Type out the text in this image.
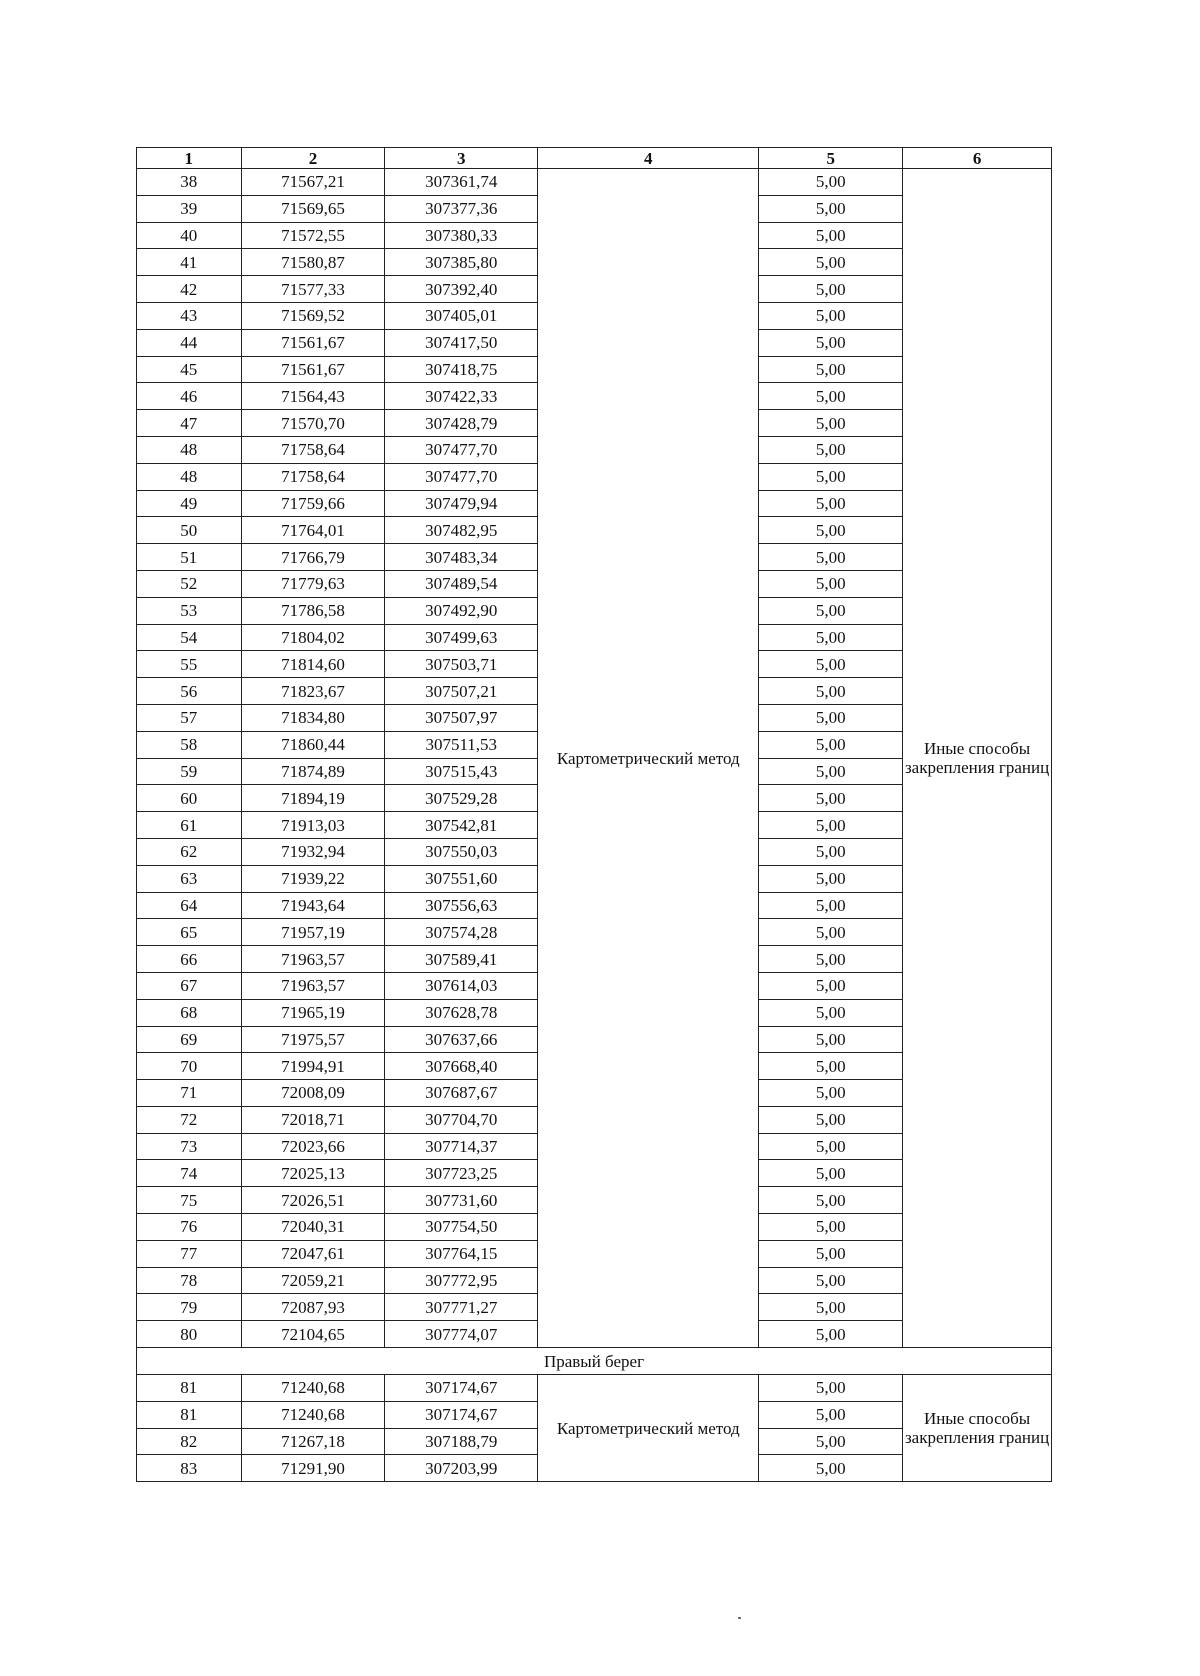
1	2	3	4	5	6
38	71567,21	307361,74	Картометрический метод	5,00	Иные способы закрепления границ
39	71569,65	307377,36		5,00	
40	71572,55	307380,33		5,00	
41	71580,87	307385,80		5,00	
42	71577,33	307392,40		5,00	
43	71569,52	307405,01		5,00	
44	71561,67	307417,50		5,00	
45	71561,67	307418,75		5,00	
46	71564,43	307422,33		5,00	
47	71570,70	307428,79		5,00	
48	71758,64	307477,70		5,00	
48	71758,64	307477,70		5,00	
49	71759,66	307479,94		5,00	
50	71764,01	307482,95		5,00	
51	71766,79	307483,34		5,00	
52	71779,63	307489,54		5,00	
53	71786,58	307492,90		5,00	
54	71804,02	307499,63		5,00	
55	71814,60	307503,71		5,00	
56	71823,67	307507,21		5,00	
57	71834,80	307507,97		5,00	
58	71860,44	307511,53		5,00	
59	71874,89	307515,43		5,00	
60	71894,19	307529,28		5,00	
61	71913,03	307542,81		5,00	
62	71932,94	307550,03		5,00	
63	71939,22	307551,60		5,00	
64	71943,64	307556,63		5,00	
65	71957,19	307574,28		5,00	
66	71963,57	307589,41		5,00	
67	71963,57	307614,03		5,00	
68	71965,19	307628,78		5,00	
69	71975,57	307637,66		5,00	
70	71994,91	307668,40		5,00	
71	72008,09	307687,67		5,00	
72	72018,71	307704,70		5,00	
73	72023,66	307714,37		5,00	
74	72025,13	307723,25		5,00	
75	72026,51	307731,60		5,00	
76	72040,31	307754,50		5,00	
77	72047,61	307764,15		5,00	
78	72059,21	307772,95		5,00	
79	72087,93	307771,27		5,00	
80	72104,65	307774,07		5,00	
Правый берег					
81	71240,68	307174,67	Картометрический метод	5,00	Иные способы закрепления границ
81	71240,68	307174,67		5,00	
82	71267,18	307188,79		5,00	
83	71291,90	307203,99		5,00	
